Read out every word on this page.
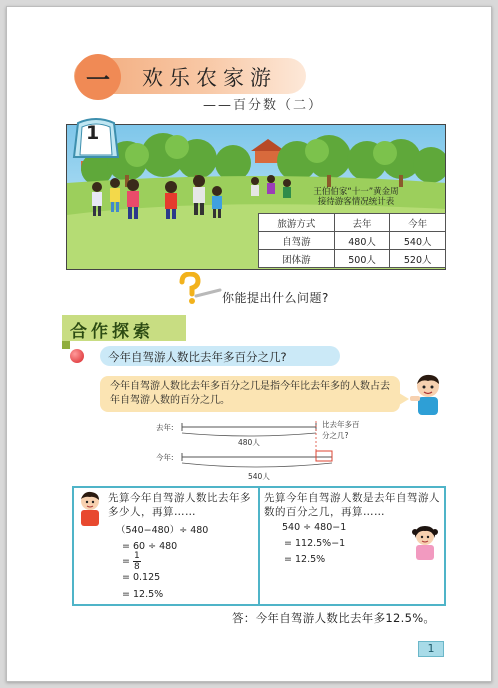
一 欢乐农家游
——百分数（二）
1
王伯伯家“十一”黄金周
接待游客情况统计表
旅游方式	去年	今年
自驾游	480人	540人
团体游	500人	520人
你能提出什么问题?
合作探索
今年自驾游人数比去年多百分之几?
今年自驾游人数比去年多百分之几是指今年比去年多的人数占去年自驾游人数的百分之几。
去年:
480人
今年:
540人
比去年多百
分之几?
先算今年自驾游人数比去年多多少人，再算……
（540−480）÷ 480
= 60 ÷ 480
= $\frac{1}{8}$
= 0.125
= 12.5%
先算今年自驾游人数是去年自驾游人数的百分之几，再算……
540 ÷ 480−1
= 112.5%−1
= 12.5%
答：今年自驾游人数比去年多12.5%。
1
